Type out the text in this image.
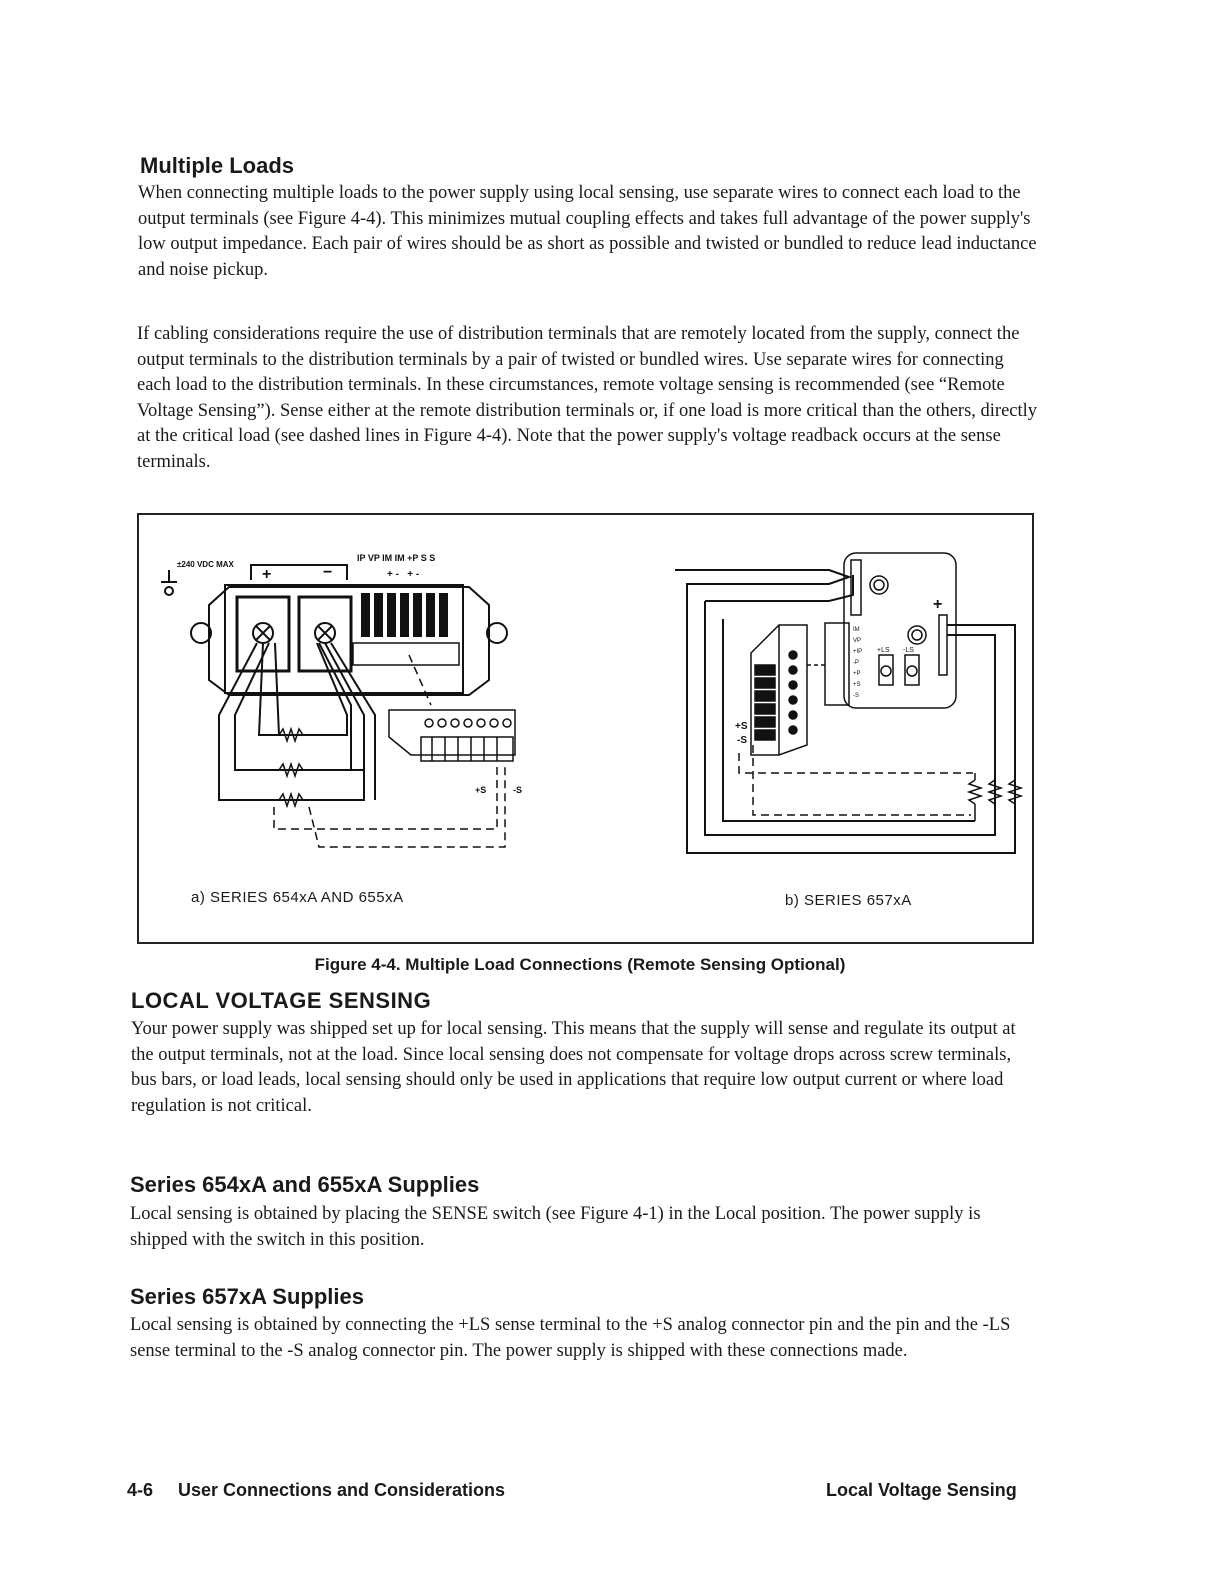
Multiple Loads

When connecting multiple loads to the power supply using local sensing, use separate wires to connect each load to the output terminals (see Figure 4-4). This minimizes mutual coupling effects and takes full advantage of the power supply's low output impedance. Each pair of wires should be as short as possible and twisted or bundled to reduce lead inductance and noise pickup.

If cabling considerations require the use of distribution terminals that are remotely located from the supply, connect the output terminals to the distribution terminals by a pair of twisted or bundled wires. Use separate wires for connecting each load to the distribution terminals. In these circumstances, remote voltage sensing is recommended (see “Remote Voltage Sensing”). Sense either at the remote distribution terminals or, if one load is more critical than the others, directly at the critical load (see dashed lines in Figure 4-4). Note that the power supply's voltage readback occurs at the sense terminals.

±240 VDC MAX
+	−
IP VP IM IM +P S S
+ -   + -
+S	-S
+S
-S
+LS -LS
+
IM
VP
+IP
-P
+P
+S
-S
a) SERIES 654xA AND 655xA	b) SERIES 657xA

Figure 4-4. Multiple Load Connections (Remote Sensing Optional)

LOCAL VOLTAGE SENSING

Your power supply was shipped set up for local sensing. This means that the supply will sense and regulate its output at the output terminals, not at the load. Since local sensing does not compensate for voltage drops across screw terminals, bus bars, or load leads, local sensing should only be used in applications that require low output current or where load regulation is not critical.

Series 654xA and 655xA Supplies

Local sensing is obtained by placing the SENSE switch (see Figure 4-1) in the Local position. The power supply is shipped with the switch in this position.

Series 657xA Supplies

Local sensing is obtained by connecting the +LS sense terminal to the +S analog connector pin and the pin and the -LS sense terminal to the -S analog connector pin. The power supply is shipped with these connections made.

4-6 User Connections and Considerations	Local Voltage Sensing
